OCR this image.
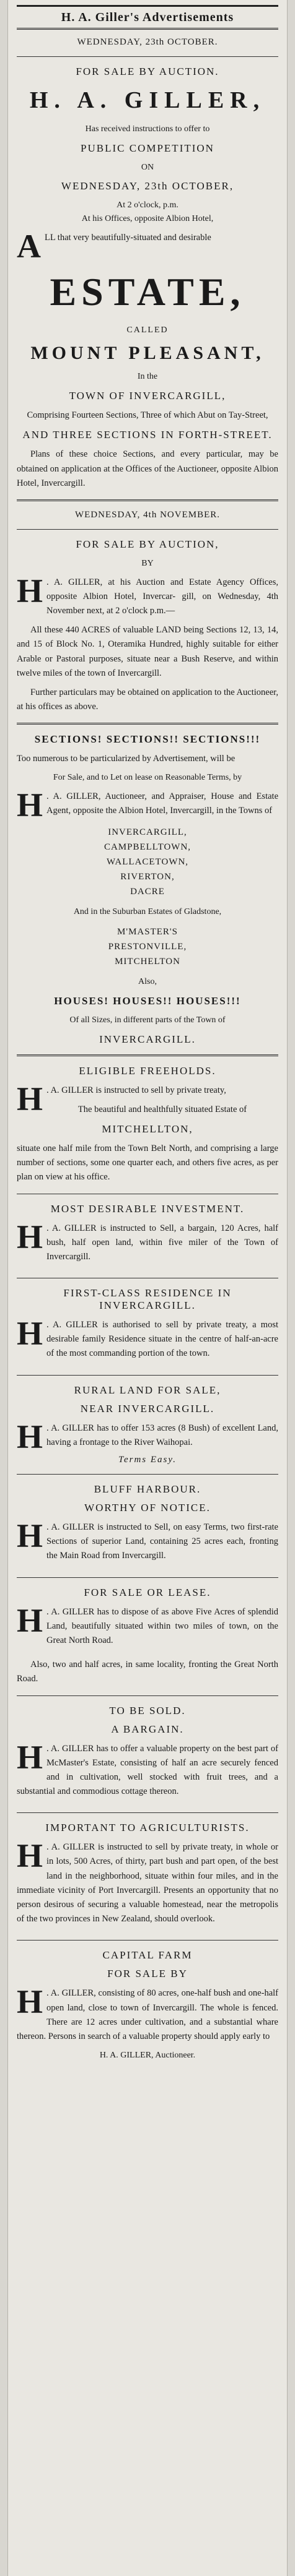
H. A. Giller's Advertisements
WEDNESDAY, 23th OCTOBER.
FOR SALE BY AUCTION.
H. A. GILLER,
Has received instructions to offer to
PUBLIC COMPETITION
ON
WEDNESDAY, 23th OCTOBER,
At 2 o'clock, p.m.
At his Offices, opposite Albion Hotel,

ALL that very beautifully-situated and desirable

ESTATE,
CALLED
MOUNT PLEASANT,
In the
TOWN OF INVERCARGILL,

Comprising Fourteen Sections, Three of which Abut on Tay-Street,

AND THREE SECTIONS IN FORTH-STREET.

Plans of these choice Sections, and every particular, may be obtained on application at the Offices of the Auctioneer, opposite Albion Hotel, Invercargill.

WEDNESDAY, 4th NOVEMBER.
FOR SALE BY AUCTION,
BY

H . A. GILLER, at his Auction and Estate Agency Offices, opposite Albion Hotel, Invercar- gill, on Wednesday, 4th November next, at 2 o'clock p.m.—

All these 440 ACRES of valuable LAND being Sections 12, 13, 14, and 15 of Block No. 1, Oteramika Hundred, highly suitable for either Arable or Pastoral purposes, situate near a Bush Reserve, and within twelve miles of the town of Invercargill.

Further particulars may be obtained on application to the Auctioneer, at his offices as above.

SECTIONS! SECTIONS!! SECTIONS!!!

Too numerous to be particularized by Advertisement, will be

For Sale, and to Let on lease on Reasonable Terms, by

H . A. GILLER, Auctioneer, and Appraiser, House and Estate Agent, opposite the Albion Hotel, Invercargill, in the Towns of

INVERCARGILL,
CAMPBELLTOWN,
WALLACETOWN,
RIVERTON,
DACRE
And in the Suburban Estates of Gladstone,
M'MASTER'S
PRESTONVILLE,
MITCHELTON
Also,
HOUSES! HOUSES!! HOUSES!!!
Of all Sizes, in different parts of the Town of
INVERCARGILL.
ELIGIBLE FREEHOLDS.

H . A. GILLER is instructed to sell by private treaty,

The beautiful and healthfully situated Estate of

MITCHELLTON,

situate one half mile from the Town Belt North, and comprising a large number of sections, some one quarter each, and others five acres, as per plan on view at his office.

MOST DESIRABLE INVESTMENT.

H . A. GILLER is instructed to Sell, a bargain, 120 Acres, half bush, half open land, within five miler of the Town of Invercargill.

FIRST-CLASS RESIDENCE IN INVERCARGILL.

H . A. GILLER is authorised to sell by private treaty, a most desirable family Residence situate in the centre of half-an-acre of the most commanding portion of the town.

RURAL LAND FOR SALE,
NEAR INVERCARGILL.

H . A. GILLER has to offer 153 acres (8 Bush) of excellent Land, having a frontage to the River Waihopai.

Terms Easy.
BLUFF HARBOUR.
WORTHY OF NOTICE.

H . A. GILLER is instructed to Sell, on easy Terms, two first-rate Sections of superior Land, containing 25 acres each, fronting the Main Road from Invercargill.

FOR SALE OR LEASE.

H . A. GILLER has to dispose of as above Five Acres of splendid Land, beautifully situated within two miles of town, on the Great North Road.

Also, two and half acres, in same locality, fronting the Great North Road.

TO BE SOLD.
A BARGAIN.

H . A. GILLER has to offer a valuable property on the best part of McMaster's Estate, consisting of half an acre securely fenced and in cultivation, well stocked with fruit trees, and a substantial and commodious cottage thereon.

IMPORTANT TO AGRICULTURISTS.

H . A. GILLER is instructed to sell by private treaty, in whole or in lots, 500 Acres, of thirty, part bush and part open, of the best land in the neighborhood, situate within four miles, and in the immediate vicinity of Port Invercargill. Presents an opportunity that no person desirous of securing a valuable homestead, near the metropolis of the two provinces in New Zealand, should overlook.

CAPITAL FARM
FOR SALE BY

H . A. GILLER, consisting of 80 acres, one-half bush and one-half open land, close to town of Invercargill. The whole is fenced. There are 12 acres under cultivation, and a substantial whare thereon. Persons in search of a valuable property should apply early to

H. A. GILLER, Auctioneer.
